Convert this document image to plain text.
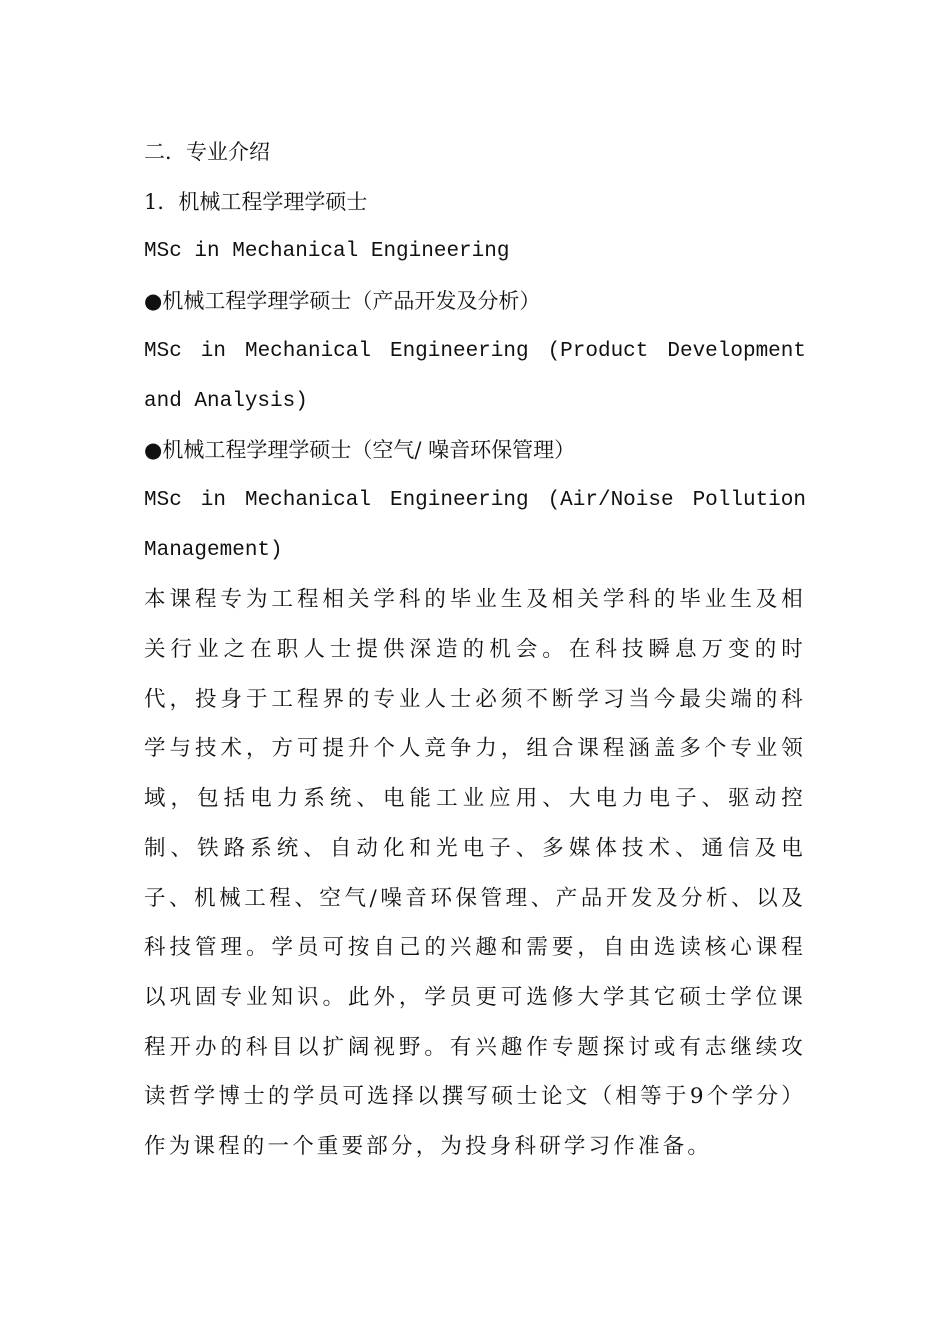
二．专业介绍

1．机械工程学理学硕士

MSc in Mechanical Engineering

●机械工程学理学硕士（产品开发及分析）

MSc in Mechanical Engineering (Product Development

and Analysis)

●机械工程学理学硕士（空气/ 噪音环保管理）

MSc in Mechanical Engineering (Air/Noise Pollution

Management)

本课程专为工程相关学科的毕业生及相关学科的毕业生及相关行业之在职人士提供深造的机会。在科技瞬息万变的时代，投身于工程界的专业人士必须不断学习当今最尖端的科学与技术，方可提升个人竞争力，组合课程涵盖多个专业领域，包括电力系统、电能工业应用、大电力电子、驱动控制、铁路系统、自动化和光电子、多媒体技术、通信及电子、机械工程、空气/噪音环保管理、产品开发及分析、以及科技管理。学员可按自己的兴趣和需要，自由选读核心课程以巩固专业知识。此外，学员更可选修大学其它硕士学位课程开办的科目以扩阔视野。有兴趣作专题探讨或有志继续攻读哲学博士的学员可选择以撰写硕士论文（相等于9个学分）作为课程的一个重要部分，为投身科研学习作准备。
